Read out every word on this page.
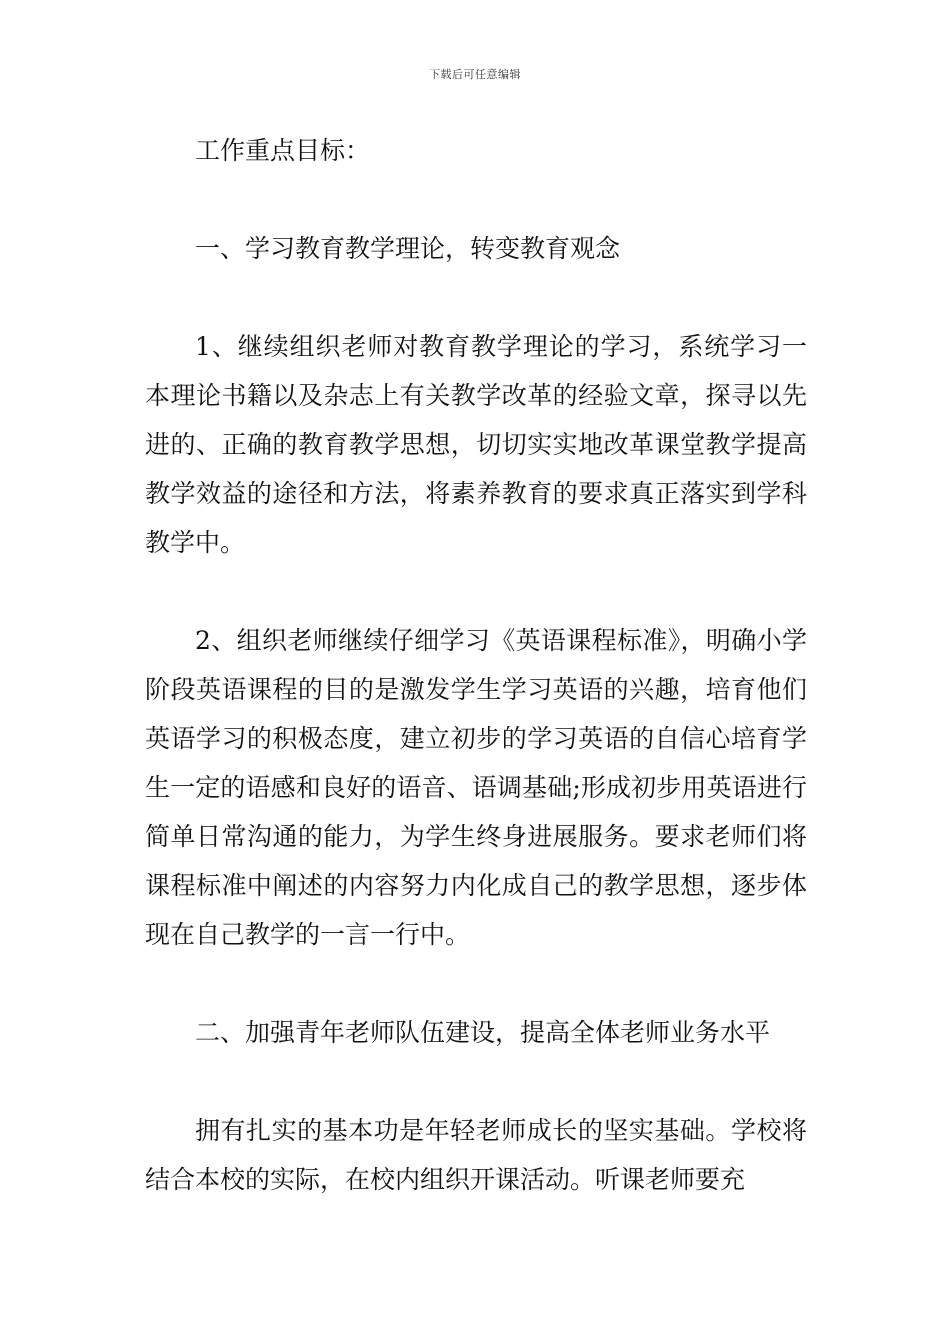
下载后可任意编辑

工作重点目标：

一、学习教育教学理论，转变教育观念

1、继续组织老师对教育教学理论的学习，系统学习一本理论书籍以及杂志上有关教学改革的经验文章，探寻以先进的、正确的教育教学思想，切切实实地改革课堂教学提高教学效益的途径和方法，将素养教育的要求真正落实到学科教学中。

2、组织老师继续仔细学习《英语课程标准》，明确小学阶段英语课程的目的是激发学生学习英语的兴趣，培育他们英语学习的积极态度，建立初步的学习英语的自信心培育学生一定的语感和良好的语音、语调基础;形成初步用英语进行简单日常沟通的能力，为学生终身进展服务。要求老师们将课程标准中阐述的内容努力内化成自己的教学思想，逐步体现在自己教学的一言一行中。

二、加强青年老师队伍建设，提高全体老师业务水平

拥有扎实的基本功是年轻老师成长的坚实基础。学校将结合本校的实际，在校内组织开课活动。听课老师要充
